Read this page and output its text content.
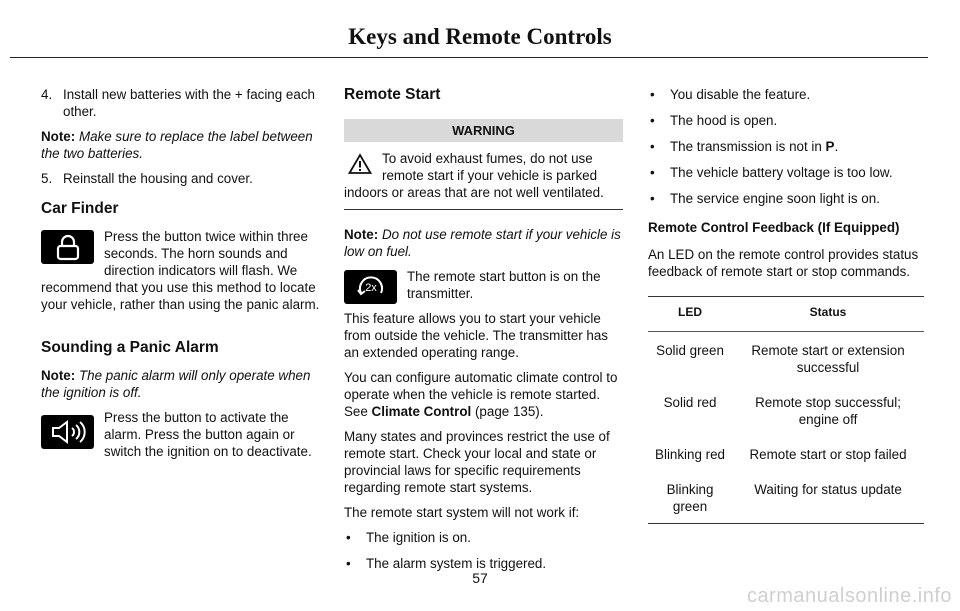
Keys and Remote Controls
4. Install new batteries with the + facing each other.

Note: Make sure to replace the label between the two batteries.

5. Reinstall the housing and cover.
Car Finder

Press the button twice within three seconds. The horn sounds and direction indicators will flash. We recommend that you use this method to locate your vehicle, rather than using the panic alarm.

Sounding a Panic Alarm

Note: The panic alarm will only operate when the ignition is off.

Press the button to activate the alarm. Press the button again or switch the ignition on to deactivate.

Remote Start
WARNING
To avoid exhaust fumes, do not use remote start if your vehicle is parked indoors or areas that are not well ventilated.

Note: Do not use remote start if your vehicle is low on fuel.

2x

The remote start button is on the transmitter.

This feature allows you to start your vehicle from outside the vehicle. The transmitter has an extended operating range.

You can configure automatic climate control to operate when the vehicle is remote started. See Climate Control (page 135).

Many states and provinces restrict the use of remote start. Check your local and state or provincial laws for specific requirements regarding remote start systems.

The remote start system will not work if:

•	The ignition is on.
•	The alarm system is triggered.
•	You disable the feature.
•	The hood is open.
•	The transmission is not in P.
•	The vehicle battery voltage is too low.
•	The service engine soon light is on.
Remote Control Feedback (If Equipped)

An LED on the remote control provides status feedback of remote start or stop commands.

LED	Status
Solid green	Remote start or extension successful
Solid red	Remote stop successful; engine off
Blinking red	Remote start or stop failed
Blinking green	Waiting for status update
57
carmanualsonline.info
